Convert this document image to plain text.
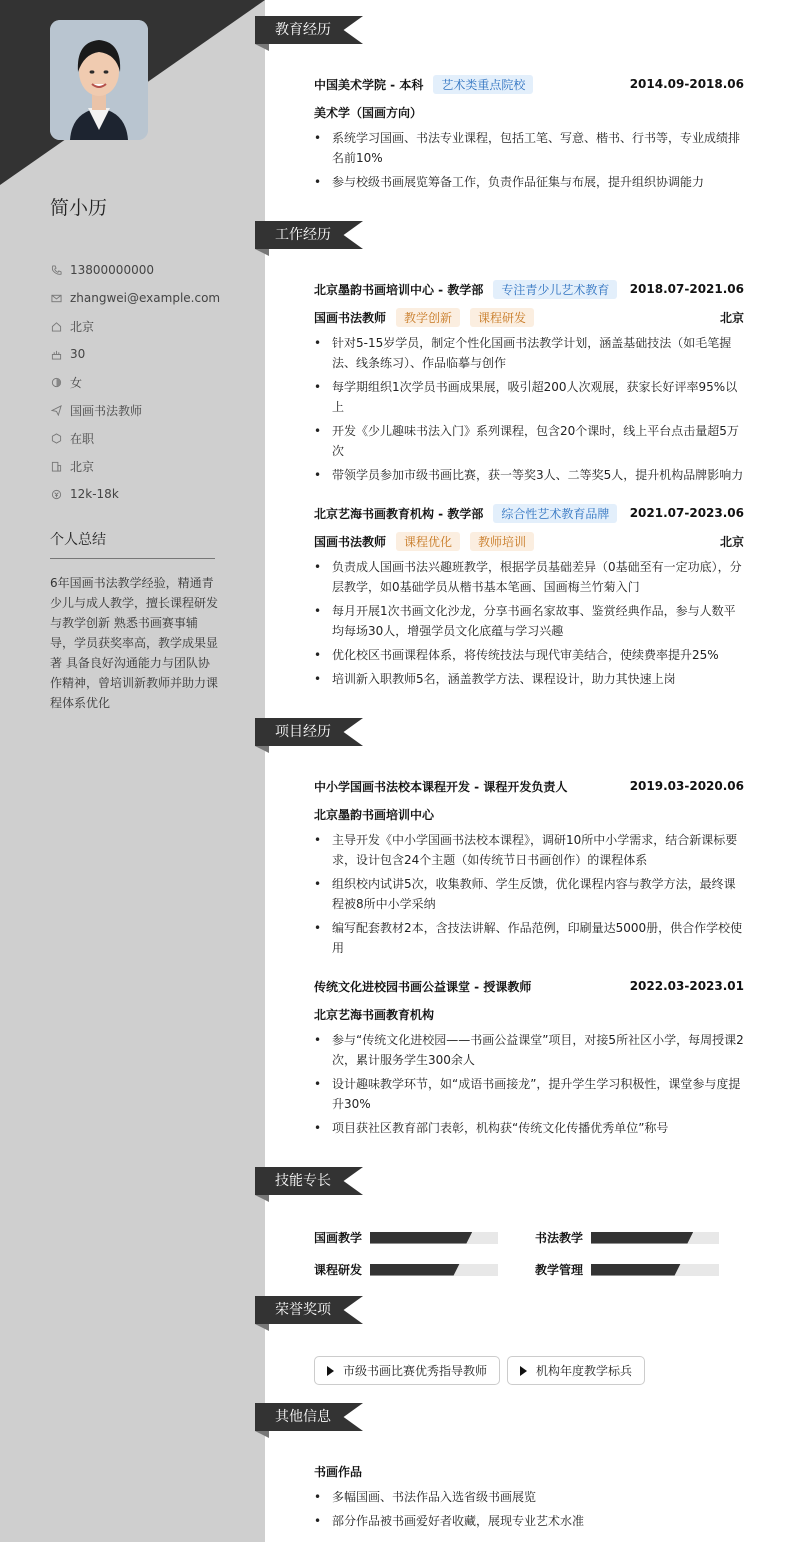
简小历
13800000000
zhangwei@example.com
北京
30
女
国画书法教师
在职
北京
12k-18k
个人总结
6年国画书法教学经验，精通青少儿与成人教学，擅长课程研发与教学创新 熟悉书画赛事辅导，学员获奖率高，教学成果显著 具备良好沟通能力与团队协作精神，曾培训新教师并助力课程体系优化
教育经历
中国美术学院 - 本科	艺术类重点院校	2014.09-2018.06
美术学（国画方向）
• 系统学习国画、书法专业课程，包括工笔、写意、楷书、行书等，专业成绩排名前10%
• 参与校级书画展览筹备工作，负责作品征集与布展，提升组织协调能力
工作经历
北京墨韵书画培训中心 - 教学部	专注青少儿艺术教育	2018.07-2021.06
国画书法教师	教学创新	课程研发	北京
• 针对5-15岁学员，制定个性化国画书法教学计划，涵盖基础技法（如毛笔握法、线条练习）、作品临摹与创作
• 每学期组织1次学员书画成果展，吸引超200人次观展，获家长好评率95%以上
• 开发《少儿趣味书法入门》系列课程，包含20个课时，线上平台点击量超5万次
• 带领学员参加市级书画比赛，获一等奖3人、二等奖5人，提升机构品牌影响力
北京艺海书画教育机构 - 教学部	综合性艺术教育品牌	2021.07-2023.06
国画书法教师	课程优化	教师培训	北京
• 负责成人国画书法兴趣班教学，根据学员基础差异（0基础至有一定功底），分层教学，如0基础学员从楷书基本笔画、国画梅兰竹菊入门
• 每月开展1次书画文化沙龙，分享书画名家故事、鉴赏经典作品，参与人数平均每场30人，增强学员文化底蕴与学习兴趣
• 优化校区书画课程体系，将传统技法与现代审美结合，使续费率提升25%
• 培训新入职教师5名，涵盖教学方法、课程设计，助力其快速上岗
项目经历
中小学国画书法校本课程开发 - 课程开发负责人	2019.03-2020.06
北京墨韵书画培训中心
• 主导开发《中小学国画书法校本课程》，调研10所中小学需求，结合新课标要求，设计包含24个主题（如传统节日书画创作）的课程体系
• 组织校内试讲5次，收集教师、学生反馈，优化课程内容与教学方法，最终课程被8所中小学采纳
• 编写配套教材2本，含技法讲解、作品范例，印刷量达5000册，供合作学校使用
传统文化进校园书画公益课堂 - 授课教师	2022.03-2023.01
北京艺海书画教育机构
• 参与“传统文化进校园——书画公益课堂”项目，对接5所社区小学，每周授课2次，累计服务学生300余人
• 设计趣味教学环节，如“成语书画接龙”，提升学生学习积极性，课堂参与度提升30%
• 项目获社区教育部门表彰，机构获“传统文化传播优秀单位”称号
技能专长
国画教学	书法教学
课程研发	教学管理
荣誉奖项
市级书画比赛优秀指导教师	机构年度教学标兵
其他信息
书画作品
• 多幅国画、书法作品入选省级书画展览
• 部分作品被书画爱好者收藏，展现专业艺术水准
